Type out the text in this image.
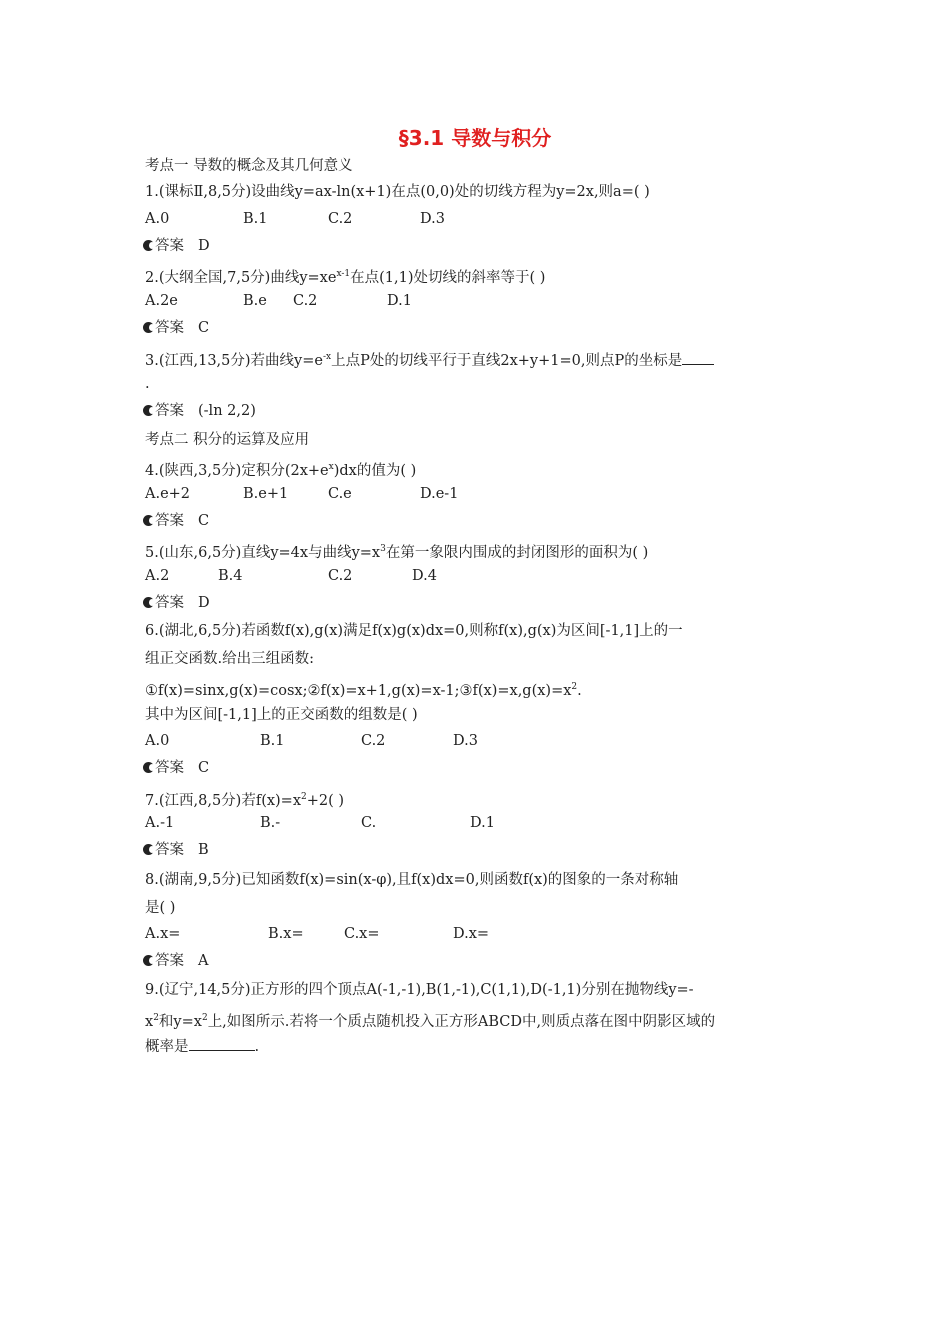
§3.1 导数与积分
考点一 导数的概念及其几何意义
1.(课标Ⅱ,8,5分)设曲线y=ax-ln(x+1)在点(0,0)处的切线方程为y=2x,则a=( )
A.0	B.1	C.2	D.3
答案 D
2.(大纲全国,7,5分)曲线$y=xe^{x-1}$在点(1,1)处切线的斜率等于( )
A.2e	B.e C.2	D.1
答案 C
3.(江西,13,5分)若曲线$y=e^{-x}$上点P处的切线平行于直线2x+y+1=0,则点P的坐标是
.
答案 (-ln 2,2)
考点二 积分的运算及应用
4.(陕西,3,5分)定积分$(2x+e^x)dx$的值为( )
A.e+2	B.e+1	C.e	D.e-1
答案 C
5.(山东,6,5分)直线y=4x与曲线$y=x^3$在第一象限内围成的封闭图形的面积为( )
A.2	B.4	C.2	D.4
答案 D
6.(湖北,6,5分)若函数f(x),g(x)满足f(x)g(x)dx=0,则称f(x),g(x)为区间[-1,1]上的一
组正交函数.给出三组函数:
$①f(x)=\sin x,g(x)=\cos x;②f(x)=x+1,g(x)=x-1;③f(x)=x,g(x)=x^2$.
其中为区间[-1,1]上的正交函数的组数是( )
A.0	B.1	C.2	D.3
答案 C
7.(江西,8,5分)若$f(x)=x^2+2$( )
A.-1	B.-	C.	D.1
答案 B
8.(湖南,9,5分)已知函数f(x)=sin(x-φ),且f(x)dx=0,则函数f(x)的图象的一条对称轴
是( )
A.x=	B.x=	C.x=	D.x=
答案 A
9.(辽宁,14,5分)正方形的四个顶点A(-1,-1),B(1,-1),C(1,1),D(-1,1)分别在抛物线y=-
$x^2$和$y=x^2$上,如图所示.若将一个质点随机投入正方形ABCD中,则质点落在图中阴影区域的
概率是	.
